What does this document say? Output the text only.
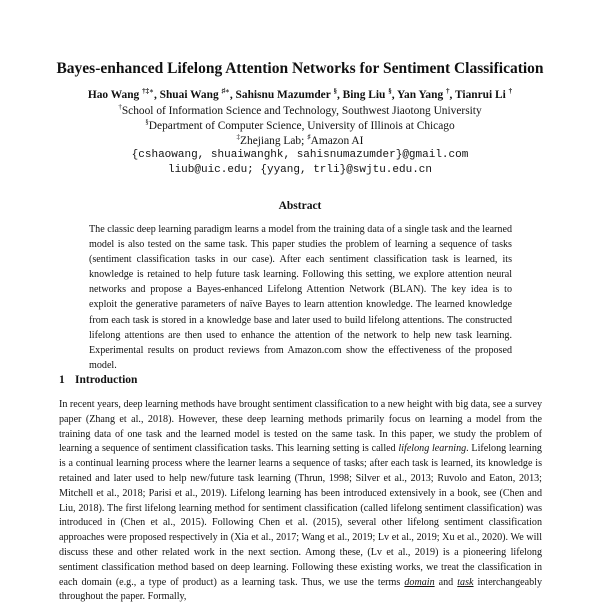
Bayes-enhanced Lifelong Attention Networks for Sentiment Classification
Hao Wang †‡∗, Shuai Wang ♯∗, Sahisnu Mazumder §, Bing Liu §, Yan Yang †, Tianrui Li †
†School of Information Science and Technology, Southwest Jiaotong University
§Department of Computer Science, University of Illinois at Chicago
‡Zhejiang Lab; ♯Amazon AI
{cshaowang, shuaiwanghk, sahisnumazumder}@gmail.com
liub@uic.edu; {yyang, trli}@swjtu.edu.cn
Abstract

The classic deep learning paradigm learns a model from the training data of a single task and the learned model is also tested on the same task. This paper studies the problem of learning a sequence of tasks (sentiment classification tasks in our case). After each sentiment classification task is learned, its knowledge is retained to help future task learning. Following this setting, we explore attention neural networks and propose a Bayes-enhanced Lifelong Attention Network (BLAN). The key idea is to exploit the generative parameters of naïve Bayes to learn attention knowledge. The learned knowledge from each task is stored in a knowledge base and later used to build lifelong attentions. The constructed lifelong attentions are then used to enhance the attention of the network to help new task learning. Experimental results on product reviews from Amazon.com show the effectiveness of the proposed model.

1 Introduction

In recent years, deep learning methods have brought sentiment classification to a new height with big data, see a survey paper (Zhang et al., 2018). However, these deep learning methods primarily focus on learning a model from the training data of one task and the learned model is tested on the same task. In this paper, we study the problem of learning a sequence of sentiment classification tasks. This learning setting is called lifelong learning. Lifelong learning is a continual learning process where the learner learns a sequence of tasks; after each task is learned, its knowledge is retained and later used to help new/future task learning (Thrun, 1998; Silver et al., 2013; Ruvolo and Eaton, 2013; Mitchell et al., 2018; Parisi et al., 2019). Lifelong learning has been introduced extensively in a book, see (Chen and Liu, 2018). The first lifelong learning method for sentiment classification (called lifelong sentiment classification) was introduced in (Chen et al., 2015). Following Chen et al. (2015), several other lifelong sentiment classification approaches were proposed respectively in (Xia et al., 2017; Wang et al., 2019; Lv et al., 2019; Xu et al., 2020). We will discuss these and other related work in the next section. Among these, (Lv et al., 2019) is a pioneering lifelong sentiment classification method based on deep learning. Following these existing works, we treat the classification in each domain (e.g., a type of product) as a learning task. Thus, we use the terms domain and task interchangeably throughout the paper. Formally,
